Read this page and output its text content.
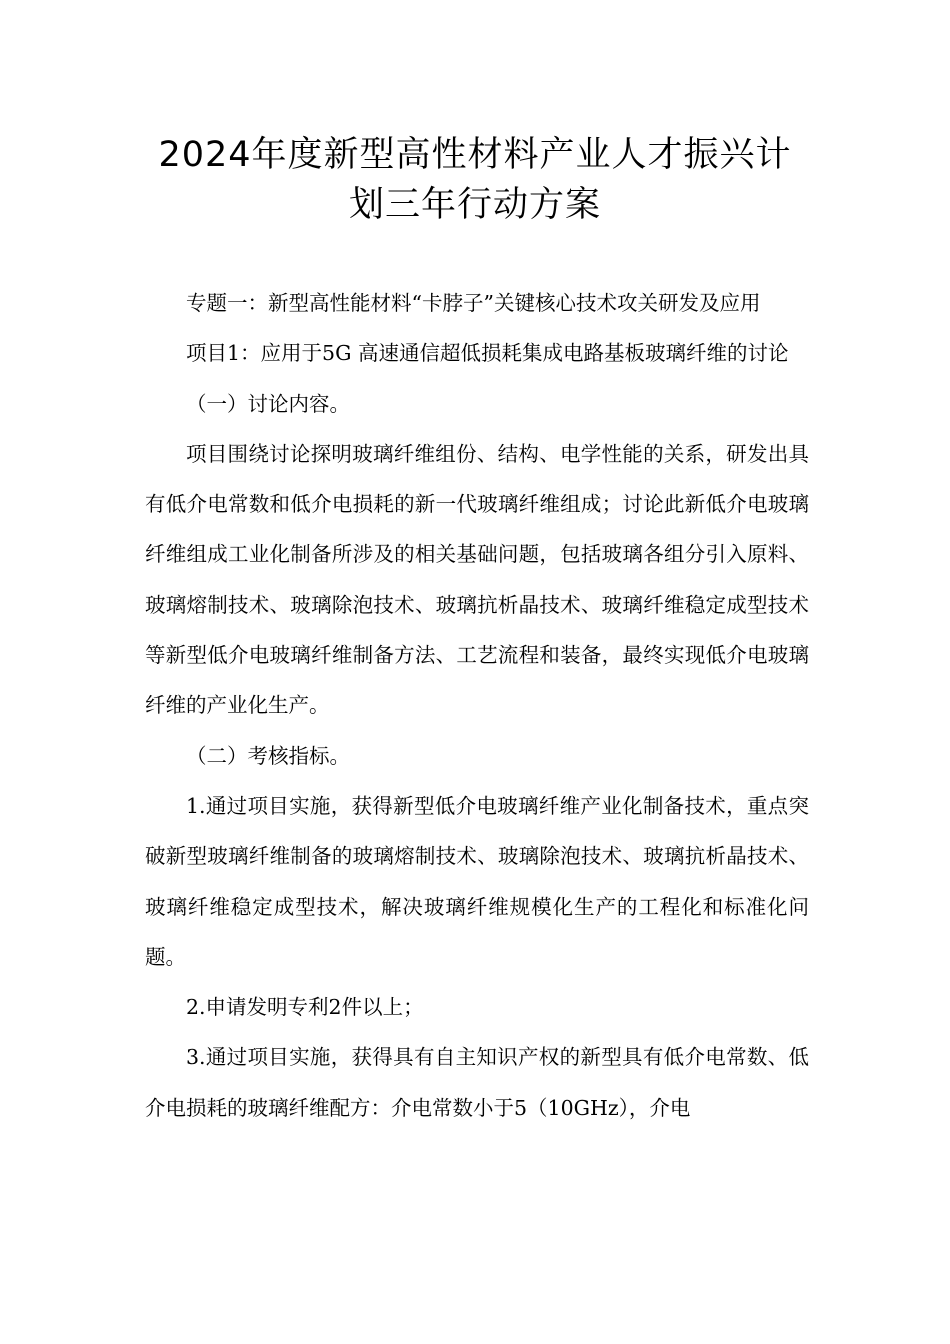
2024年度新型高性材料产业人才振兴计
划三年行动方案

专题一：新型高性能材料“卡脖子”关键核心技术攻关研发及应用

项目1：应用于5G 高速通信超低损耗集成电路基板玻璃纤维的讨论

（一）讨论内容。

项目围绕讨论探明玻璃纤维组份、结构、电学性能的关系，研发出具有低介电常数和低介电损耗的新一代玻璃纤维组成；讨论此新低介电玻璃纤维组成工业化制备所涉及的相关基础问题，包括玻璃各组分引入原料、玻璃熔制技术、玻璃除泡技术、玻璃抗析晶技术、玻璃纤维稳定成型技术等新型低介电玻璃纤维制备方法、工艺流程和装备，最终实现低介电玻璃纤维的产业化生产。

（二）考核指标。

1.通过项目实施，获得新型低介电玻璃纤维产业化制备技术，重点突破新型玻璃纤维制备的玻璃熔制技术、玻璃除泡技术、玻璃抗析晶技术、玻璃纤维稳定成型技术，解决玻璃纤维规模化生产的工程化和标准化问题。

2.申请发明专利2件以上；

3.通过项目实施，获得具有自主知识产权的新型具有低介电常数、低介电损耗的玻璃纤维配方：介电常数小于5（10GHz），介电
